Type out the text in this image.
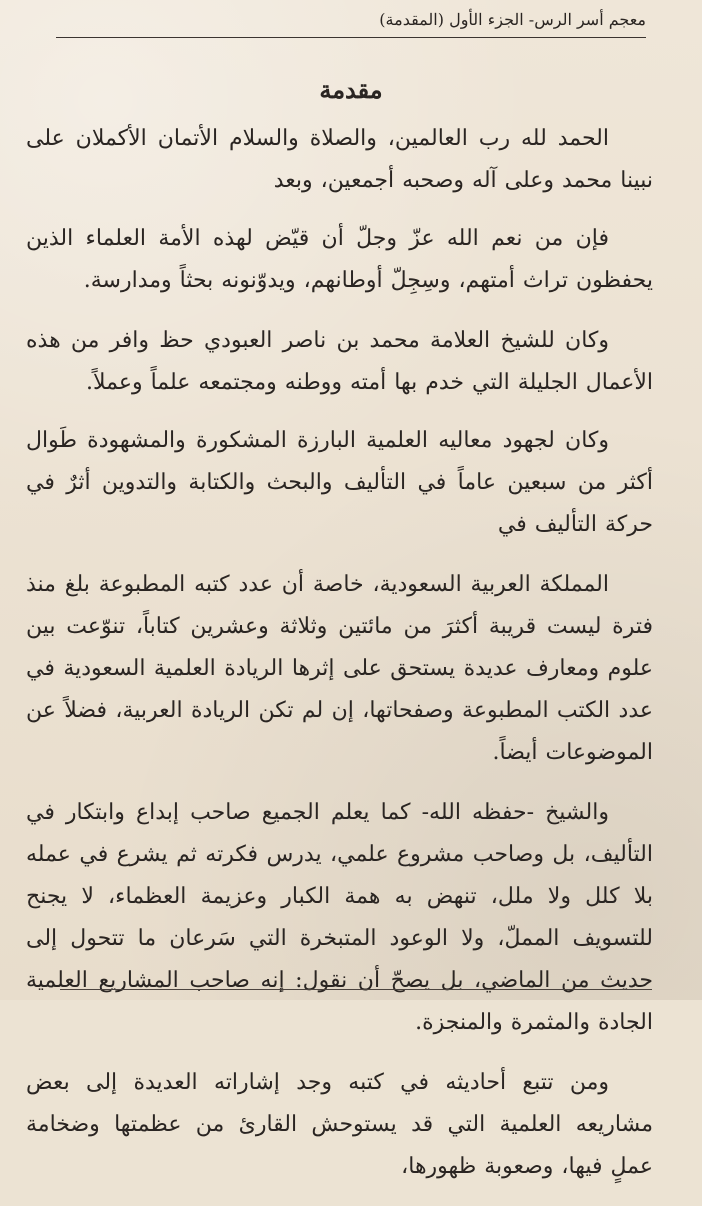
معجم أسر الرس- الجزء الأول (المقدمة)
مقدمة

الحمد لله رب العالمين، والصلاة والسلام الأتمان الأكملان على نبينا محمد وعلى آله وصحبه أجمعين، وبعد

فإن من نعم الله عزّ وجلّ أن قيّض لهذه الأمة العلماء الذين يحفظون تراث أمتهم، وسِجِلّ أوطانهم، ويدوّنونه بحثاً ومدارسة.

وكان للشيخ العلامة محمد بن ناصر العبودي حظ وافر من هذه الأعمال الجليلة التي خدم بها أمته ووطنه ومجتمعه علماً وعملاً.

وكان لجهود معاليه العلمية البارزة المشكورة والمشهودة طَوال أكثر من سبعين عاماً في التأليف والبحث والكتابة والتدوين أثرٌ في حركة التأليف في

المملكة العربية السعودية، خاصة أن عدد كتبه المطبوعة بلغ منذ فترة ليست قريبة أكثرَ من مائتين وثلاثة وعشرين كتاباً، تنوّعت بين علوم ومعارف عديدة يستحق على إثرها الريادة العلمية السعودية في عدد الكتب المطبوعة وصفحاتها، إن لم تكن الريادة العربية، فضلاً عن الموضوعات أيضاً.

والشيخ -حفظه الله- كما يعلم الجميع صاحب إبداع وابتكار في التأليف، بل وصاحب مشروع علمي، يدرس فكرته ثم يشرع في عمله بلا كلل ولا ملل، تنهض به همة الكبار وعزيمة العظماء، لا يجنح للتسويف المملّ، ولا الوعود المتبخرة التي سَرعان ما تتحول إلى حديث من الماضي، بل يصحّ أن نقول: إنه صاحب المشاريع العلمية الجادة والمثمرة والمنجزة.

ومن تتبع أحاديثه في كتبه وجد إشاراته العديدة إلى بعض مشاريعه العلمية التي قد يستوحش القارئ من عظمتها وضخامة عملٍ فيها، وصعوبة ظهورها،
